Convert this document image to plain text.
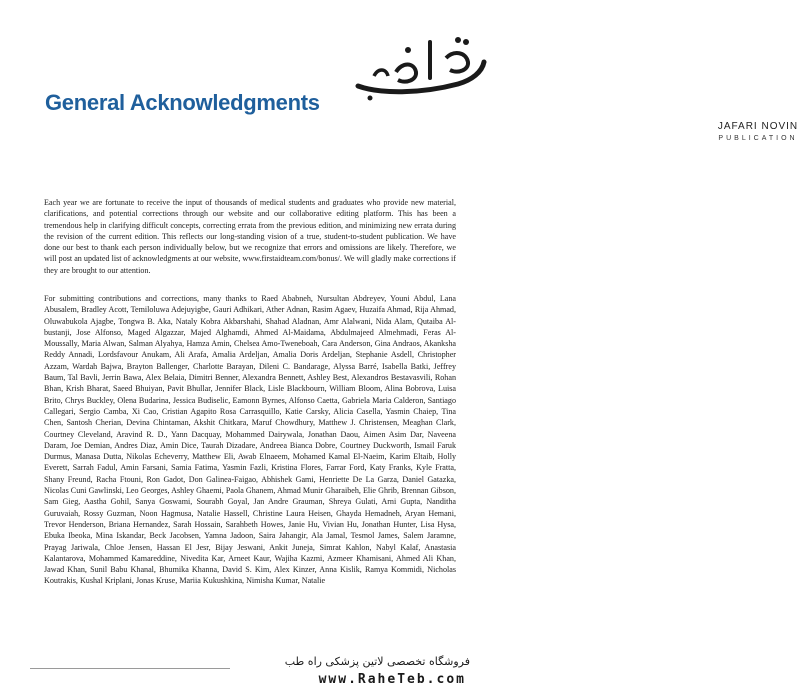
JAFARI NOVIN
PUBLICATION
General Acknowledgments

Each year we are fortunate to receive the input of thousands of medical students and graduates who provide new material, clarifications, and potential corrections through our website and our collaborative editing platform. This has been a tremendous help in clarifying difficult concepts, correcting errata from the previous edition, and minimizing new errata during the revision of the current edition. This reflects our long-standing vision of a true, student-to-student publication. We have done our best to thank each person individually below, but we recognize that errors and omissions are likely. Therefore, we will post an updated list of acknowledgments at our website, www.firstaidteam.com/bonus/. We will gladly make corrections if they are brought to our attention.

For submitting contributions and corrections, many thanks to Raed Ababneh, Nursultan Abdreyev, Youni Abdul, Lana Abusalem, Bradley Acott, Temiloluwa Adejuyigbe, Gauri Adhikari, Ather Adnan, Rasim Agaev, Huzaifa Ahmad, Rija Ahmad, Oluwabukola Ajagbe, Tongwa B. Aka, Nataly Kobra Akbarshahi, Shahad Aladnan, Amr Alalwani, Nida Alam, Qutaiba Al-bustanji, Jose Alfonso, Maged Algazzar, Majed Alghamdi, Ahmed Al-Maidama, Abdulmajeed Almehmadi, Feras Al-Moussally, Maria Alwan, Salman Alyahya, Hamza Amin, Chelsea Amo-Tweneboah, Cara Anderson, Gina Andraos, Akanksha Reddy Annadi, Lordsfavour Anukam, Ali Arafa, Amalia Ardeljan, Amalia Doris Ardeljan, Stephanie Asdell, Christopher Azzam, Wardah Bajwa, Brayton Ballenger, Charlotte Barayan, Dileni C. Bandarage, Alyssa Barré, Isabella Batki, Jeffrey Baum, Tal Bavli, Jerrin Bawa, Alex Belaia, Dimitri Benner, Alexandra Bennett, Ashley Best, Alexandros Bestavasvili, Rohan Bhan, Krish Bharat, Saeed Bhuiyan, Pavit Bhullar, Jennifer Black, Lisle Blackbourn, William Bloom, Alina Bobrova, Luisa Brito, Chrys Buckley, Olena Budarina, Jessica Budiselic, Eamonn Byrnes, Alfonso Caetta, Gabriela Maria Calderon, Santiago Callegari, Sergio Camba, Xi Cao, Cristian Agapito Rosa Carrasquillo, Katie Carsky, Alicia Casella, Yasmin Chaiep, Tina Chen, Santosh Cherian, Devina Chintaman, Akshit Chitkara, Maruf Chowdhury, Matthew J. Christensen, Meaghan Clark, Courtney Cleveland, Aravind R. D., Yann Dacquay, Mohammed Dairywala, Jonathan Daou, Aimen Asim Dar, Naveena Daram, Joe Demian, Andres Diaz, Amin Dice, Taurah Dizadare, Andreea Bianca Dobre, Courtney Duckworth, Ismail Faruk Durmus, Manasa Dutta, Nikolas Echeverry, Matthew Eli, Awab Elnaeem, Mohamed Kamal El-Naeim, Karim Eltaib, Holly Everett, Sarrah Fadul, Amin Farsani, Samia Fatima, Yasmin Fazli, Kristina Flores, Farrar Ford, Katy Franks, Kyle Fratta, Shany Freund, Racha Ftouni, Ron Gadot, Don Galinea-Faigao, Abhishek Gami, Henriette De La Garza, Daniel Gatazka, Nicolas Cuni Gawlinski, Leo Georges, Ashley Ghaemi, Paola Ghanem, Ahmad Munir Gharaibeh, Elie Ghrib, Brennan Gibson, Sam Gieg, Aastha Gohil, Sanya Goswami, Sourabh Goyal, Jan Andre Grauman, Shreya Gulati, Arni Gupta, Nanditha Guruvaiah, Rossy Guzman, Noon Hagmusa, Natalie Hassell, Christine Laura Heisen, Ghayda Hemadneh, Aryan Hemani, Trevor Henderson, Briana Hernandez, Sarah Hossain, Sarahbeth Howes, Janie Hu, Vivian Hu, Jonathan Hunter, Lisa Hysa, Ebuka Ibeoka, Mina Iskandar, Beck Jacobsen, Yamna Jadoon, Saira Jahangir, Ala Jamal, Tesmol James, Salem Jaramne, Prayag Jariwala, Chloe Jensen, Hassan El Jesr, Bijay Jeswani, Ankit Juneja, Simrat Kahlon, Nabyl Kalaf, Anastasia Kalantarova, Mohammed Kamareddine, Nivedita Kar, Arneet Kaur, Wajiha Kazmi, Azmeer Khamisani, Ahmed Ali Khan, Jawad Khan, Sunil Babu Khanal, Bhumika Khanna, David S. Kim, Alex Kinzer, Anna Kislik, Ramya Kommidi, Nicholas Koutrakis, Kushal Kriplani, Jonas Kruse, Mariia Kukushkina, Nimisha Kumar, Natalie

فروشگاه تخصصی لاتین پزشکی راه طب
www.RaheTeb.com
